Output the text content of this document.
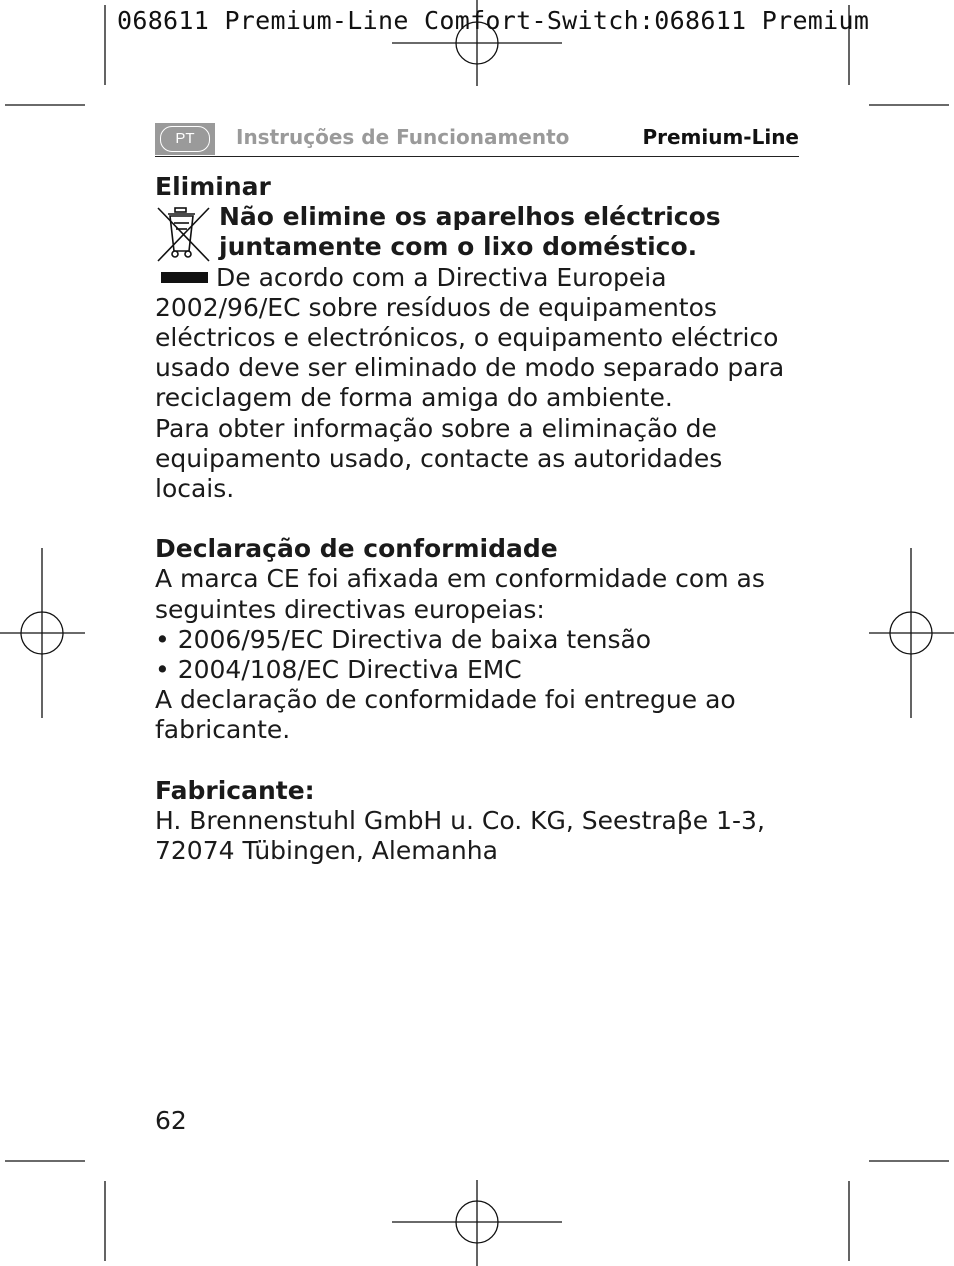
068611 Premium-Line Comfort-Switch:068611 Premium
PT	Instruções de Funcionamento	Premium-Line

Eliminar

Não elimine os aparelhos eléctricos

juntamente com o lixo doméstico.

De acordo com a Directiva Europeia 2002/96/EC sobre resíduos de equipamentos eléctricos e electrónicos, o equipamento eléctrico usado deve ser eliminado de modo separado para reciclagem de forma amiga do ambiente.

Para obter informação sobre a eliminação de equipamento usado, contacte as autoridades locais.

Declaração de conformidade

A marca CE foi afixada em conformidade com as seguintes directivas europeias:

• 2006/95/EC Directiva de baixa tensão

• 2004/108/EC Directiva EMC

A declaração de conformidade foi entregue ao fabricante.

Fabricante:

H. Brennenstuhl GmbH u. Co. KG, Seestraβe 1-3,

72074 Tübingen, Alemanha

62
